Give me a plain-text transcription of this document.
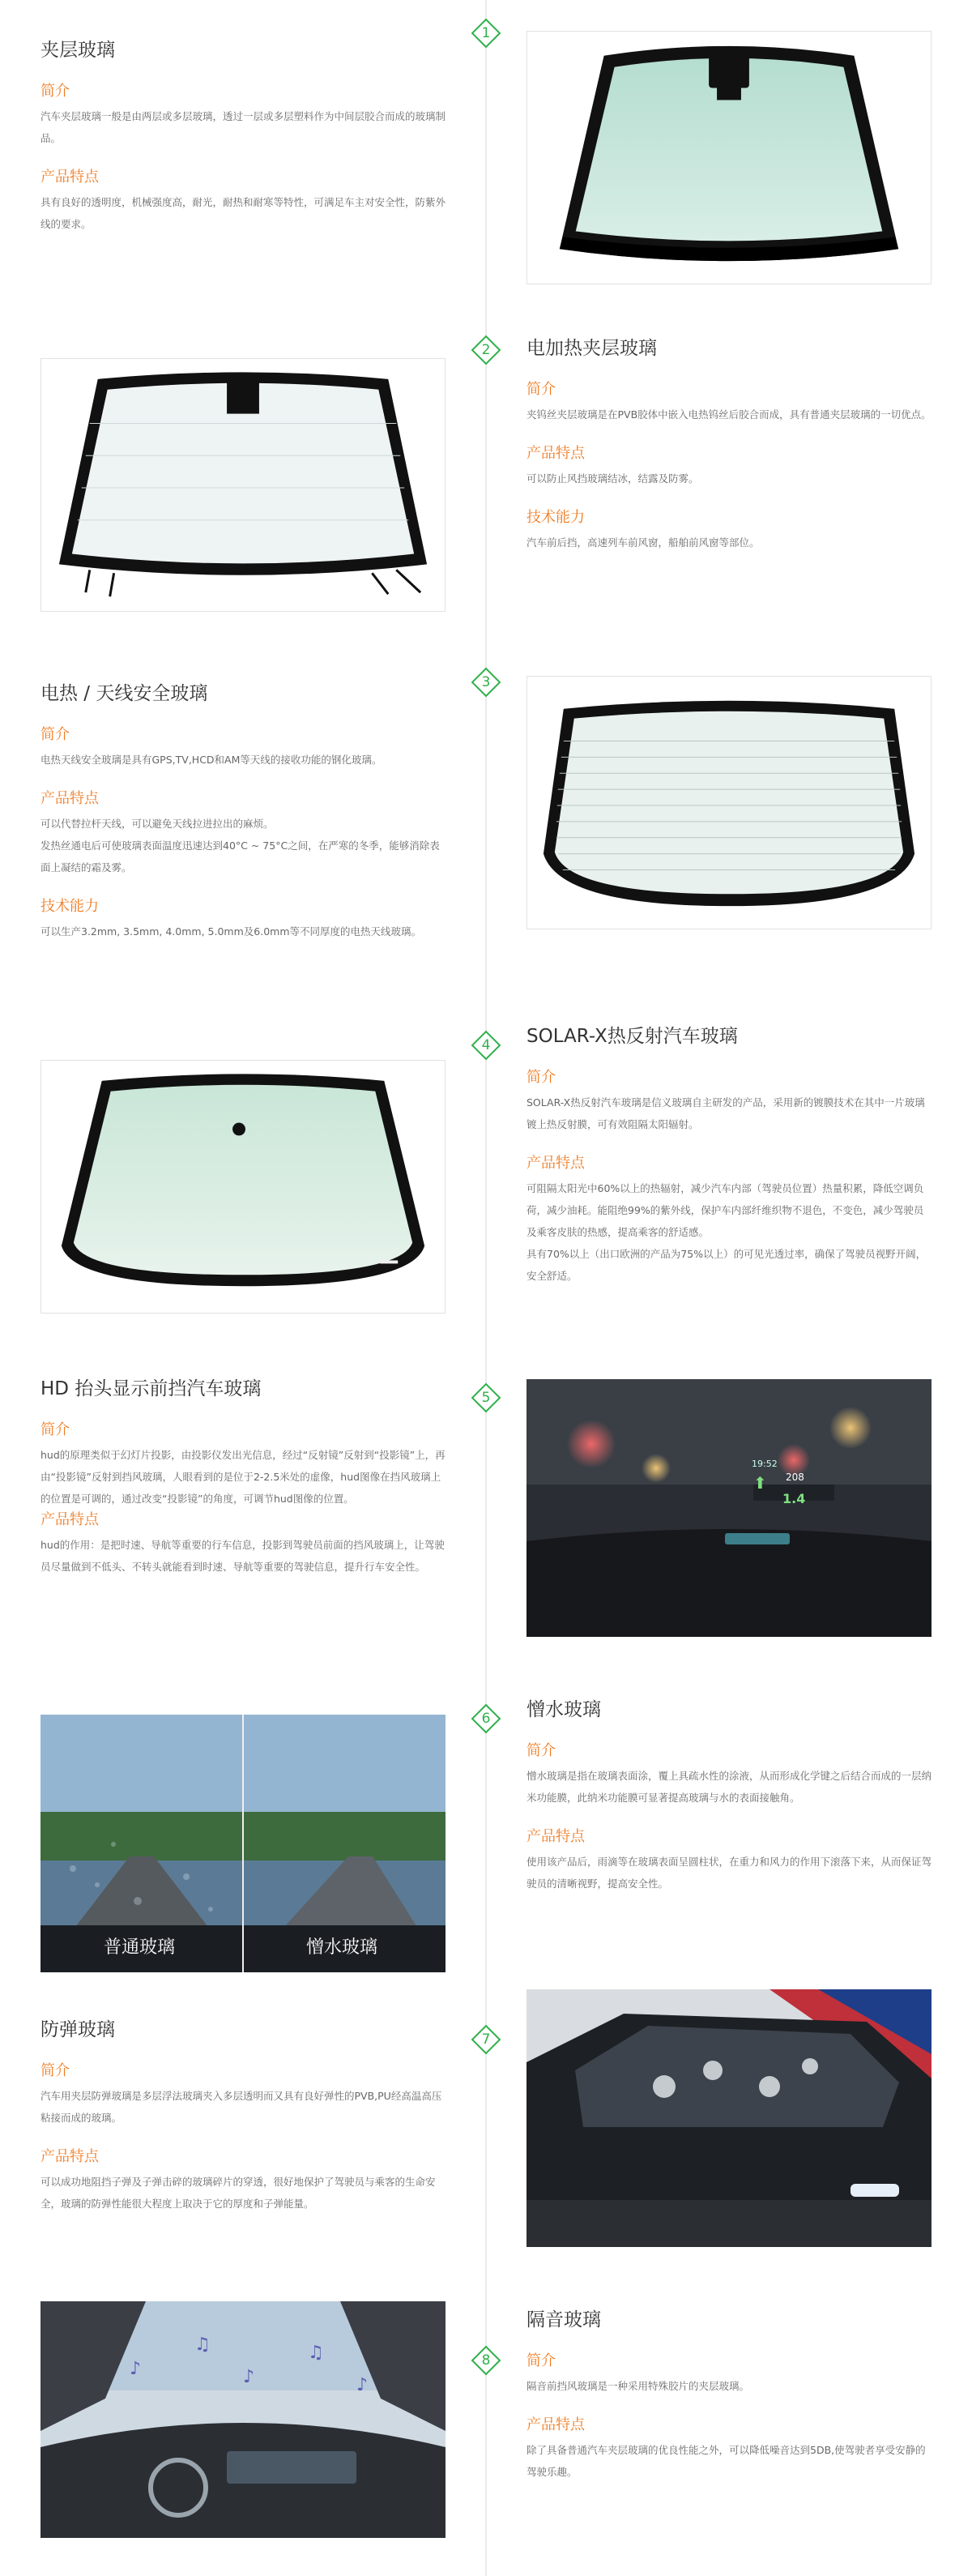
1
夹层玻璃
简介
汽车夹层玻璃一般是由两层或多层玻璃，透过一层或多层塑料作为中间层胶合而成的玻璃制品。
产品特点
具有良好的透明度，机械强度高，耐光，耐热和耐寒等特性，可满足车主对安全性，防紫外线的要求。
2	电加热夹层玻璃
简介
夹钨丝夹层玻璃是在PVB胶体中嵌入电热钨丝后胶合而成，具有普通夹层玻璃的一切优点。
产品特点
可以防止风挡玻璃结冰，结露及防雾。
技术能力
汽车前后挡，高速列车前风窗，船舶前风窗等部位。
3
电热 / 天线安全玻璃
简介
电热天线安全玻璃是具有GPS,TV,HCD和AM等天线的接收功能的钢化玻璃。
产品特点
可以代替拉杆天线，可以避免天线拉进拉出的麻烦。
发热丝通电后可使玻璃表面温度迅速达到40°C ~ 75°C之间，在严寒的冬季，能够消除表面上凝结的霜及雾。
技术能力
可以生产3.2mm, 3.5mm, 4.0mm, 5.0mm及6.0mm等不同厚度的电热天线玻璃。
4	SOLAR-X热反射汽车玻璃
简介
SOLAR-X热反射汽车玻璃是信义玻璃自主研发的产品，采用新的镀膜技术在其中一片玻璃镀上热反射膜，可有效阻隔太阳辐射。
产品特点
可阻隔太阳光中60%以上的热辐射，减少汽车内部（驾驶员位置）热量积累，降低空调负荷，减少油耗。能阻绝99%的紫外线，保护车内部纤维织物不退色，不变色，减少驾驶员及乘客皮肤的热感，提高乘客的舒适感。
具有70%以上（出口欧洲的产品为75%以上）的可见光透过率，确保了驾驶员视野开阔，安全舒适。
5
HD 抬头显示前挡汽车玻璃
简介
hud的原理类似于幻灯片投影，由投影仪发出光信息，经过“反射镜”反射到“投影镜”上，再由“投影镜”反射到挡风玻璃，人眼看到的是位于2-2.5米处的虚像，hud图像在挡风玻璃上的位置是可调的，通过改变“投影镜”的角度，可调节hud图像的位置。
产品特点
hud的作用：是把时速、导航等重要的行车信息，投影到驾驶员前面的挡风玻璃上，让驾驶员尽量做到不低头、不转头就能看到时速、导航等重要的驾驶信息，提升行车安全性。
19:52
208
1.4
⬆
6	憎水玻璃
简介
憎水玻璃是指在玻璃表面涂，覆上具疏水性的涂液，从而形成化学键之后结合而成的一层纳米功能膜，此纳米功能膜可显著提高玻璃与水的表面接触角。
产品特点
使用该产品后，雨滴等在玻璃表面呈圆柱状，在重力和风力的作用下滚落下来，从而保证驾驶员的清晰视野，提高安全性。
普通玻璃	憎水玻璃
7
防弹玻璃
简介
汽车用夹层防弹玻璃是多层浮法玻璃夹入多层透明而又具有良好弹性的PVB,PU经高温高压粘接而成的玻璃。
产品特点
可以成功地阻挡子弹及子弹击碎的玻璃碎片的穿透，很好地保护了驾驶员与乘客的生命安全，玻璃的防弹性能很大程度上取决于它的厚度和子弹能量。
8
隔音玻璃
简介
隔音前挡风玻璃是一种采用特殊胶片的夹层玻璃。
产品特点
除了具备普通汽车夹层玻璃的优良性能之外，可以降低噪音达到5DB,使驾驶者享受安静的驾驶乐趣。
♪
♫
♪
♫
♪
